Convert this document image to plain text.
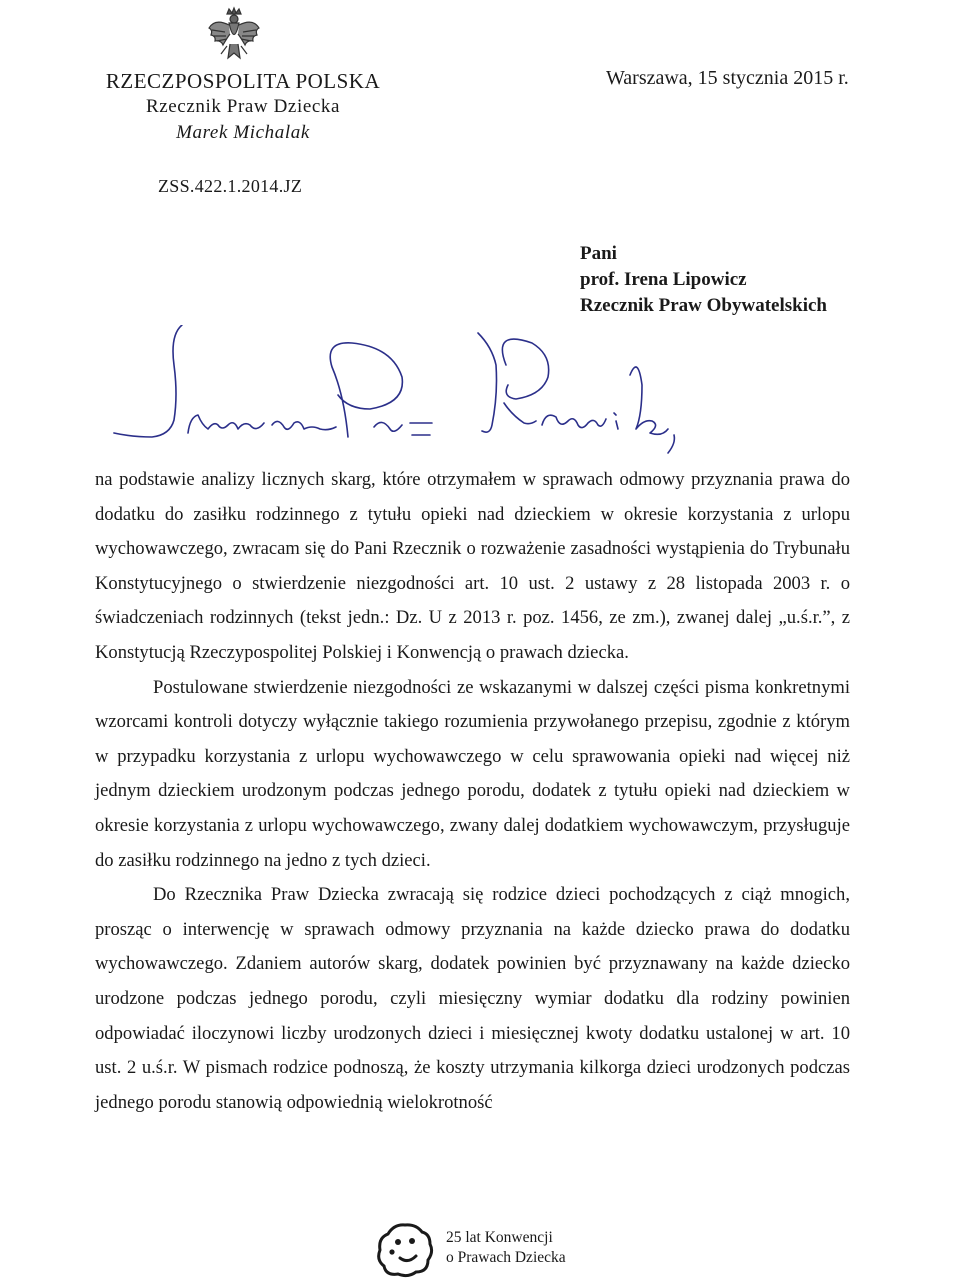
RZECZPOSPOLITA POLSKA
Rzecznik Praw Dziecka
Marek Michalak
Warszawa, 15 stycznia 2015 r.
ZSS.422.1.2014.JZ
Pani
prof. Irena Lipowicz
Rzecznik Praw Obywatelskich

na podstawie analizy licznych skarg, które otrzymałem w sprawach odmowy przyznania prawa do dodatku do zasiłku rodzinnego z tytułu opieki nad dzieckiem w okresie korzystania z urlopu wychowawczego, zwracam się do Pani Rzecznik o rozważenie zasadności wystąpienia do Trybunału Konstytucyjnego o stwierdzenie niezgodności art. 10 ust. 2 ustawy z 28 listopada 2003 r. o świadczeniach rodzinnych (tekst jedn.: Dz. U z 2013 r. poz. 1456, ze zm.), zwanej dalej „u.ś.r.”, z Konstytucją Rzeczypospolitej Polskiej i Konwencją o prawach dziecka.

Postulowane stwierdzenie niezgodności ze wskazanymi w dalszej części pisma konkretnymi wzorcami kontroli dotyczy wyłącznie takiego rozumienia przywołanego przepisu, zgodnie z którym w przypadku korzystania z urlopu wychowawczego w celu sprawowania opieki nad więcej niż jednym dzieckiem urodzonym podczas jednego porodu, dodatek z tytułu opieki nad dzieckiem w okresie korzystania z urlopu wychowawczego, zwany dalej dodatkiem wychowawczym, przysługuje do zasiłku rodzinnego na jedno z tych dzieci.

Do Rzecznika Praw Dziecka zwracają się rodzice dzieci pochodzących z ciąż mnogich, prosząc o interwencję w sprawach odmowy przyznania na każde dziecko prawa do dodatku wychowawczego. Zdaniem autorów skarg, dodatek powinien być przyznawany na każde dziecko urodzone podczas jednego porodu, czyli miesięczny wymiar dodatku dla rodziny powinien odpowiadać iloczynowi liczby urodzonych dzieci i miesięcznej kwoty dodatku ustalonej w art. 10 ust. 2 u.ś.r. W pismach rodzice podnoszą, że koszty utrzymania kilkorga dzieci urodzonych podczas jednego porodu stanowią odpowiednią wielokrotność

25 lat Konwencji
o Prawach Dziecka
